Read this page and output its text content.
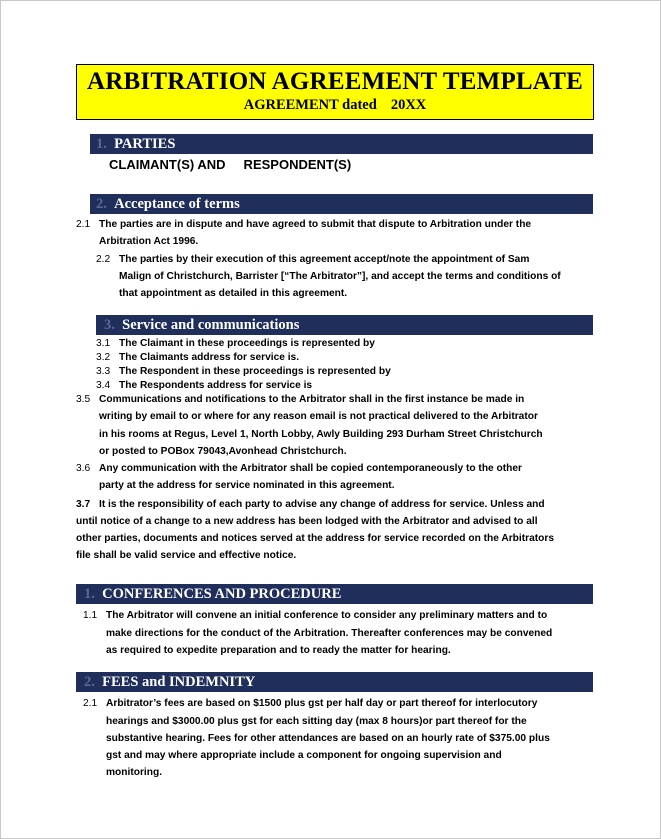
ARBITRATION AGREEMENT TEMPLATE
AGREEMENT dated 20XX
1. PARTIES
CLAIMANT(S) AND     RESPONDENT(S)
2. Acceptance of terms
2.1 The parties are in dispute and have agreed to submit that dispute to Arbitration under the
Arbitration Act 1996.
2.2 The parties by their execution of this agreement accept/note the appointment of Sam
Malign of Christchurch, Barrister [“The Arbitrator”], and accept the terms and conditions of
that appointment as detailed in this agreement.
3. Service and communications
3.1 The Claimant in these proceedings is represented by
3.2 The Claimants address for service is.
3.3 The Respondent in these proceedings is represented by
3.4 The Respondents address for service is
3.5 Communications and notifications to the Arbitrator shall in the first instance be made in
writing by email to or where for any reason email is not practical delivered to the Arbitrator
in his rooms at Regus, Level 1, North Lobby, Awly Building 293 Durham Street Christchurch
or posted to POBox 79043,Avonhead Christchurch.
3.6 Any communication with the Arbitrator shall be copied contemporaneously to the other
party at the address for service nominated in this agreement.
3.7 It is the responsibility of each party to advise any change of address for service. Unless and
until notice of a change to a new address has been lodged with the Arbitrator and advised to all
other parties, documents and notices served at the address for service recorded on the Arbitrators
file shall be valid service and effective notice.
1. CONFERENCES AND PROCEDURE
1.1 The Arbitrator will convene an initial conference to consider any preliminary matters and to
make directions for the conduct of the Arbitration. Thereafter conferences may be convened
as required to expedite preparation and to ready the matter for hearing.
2. FEES and INDEMNITY
2.1 Arbitrator’s fees are based on $1500 plus gst per half day or part thereof for interlocutory
hearings and $3000.00 plus gst for each sitting day (max 8 hours)or part thereof for the
substantive hearing. Fees for other attendances are based on an hourly rate of $375.00 plus
gst and may where appropriate include a component for ongoing supervision and
monitoring.
